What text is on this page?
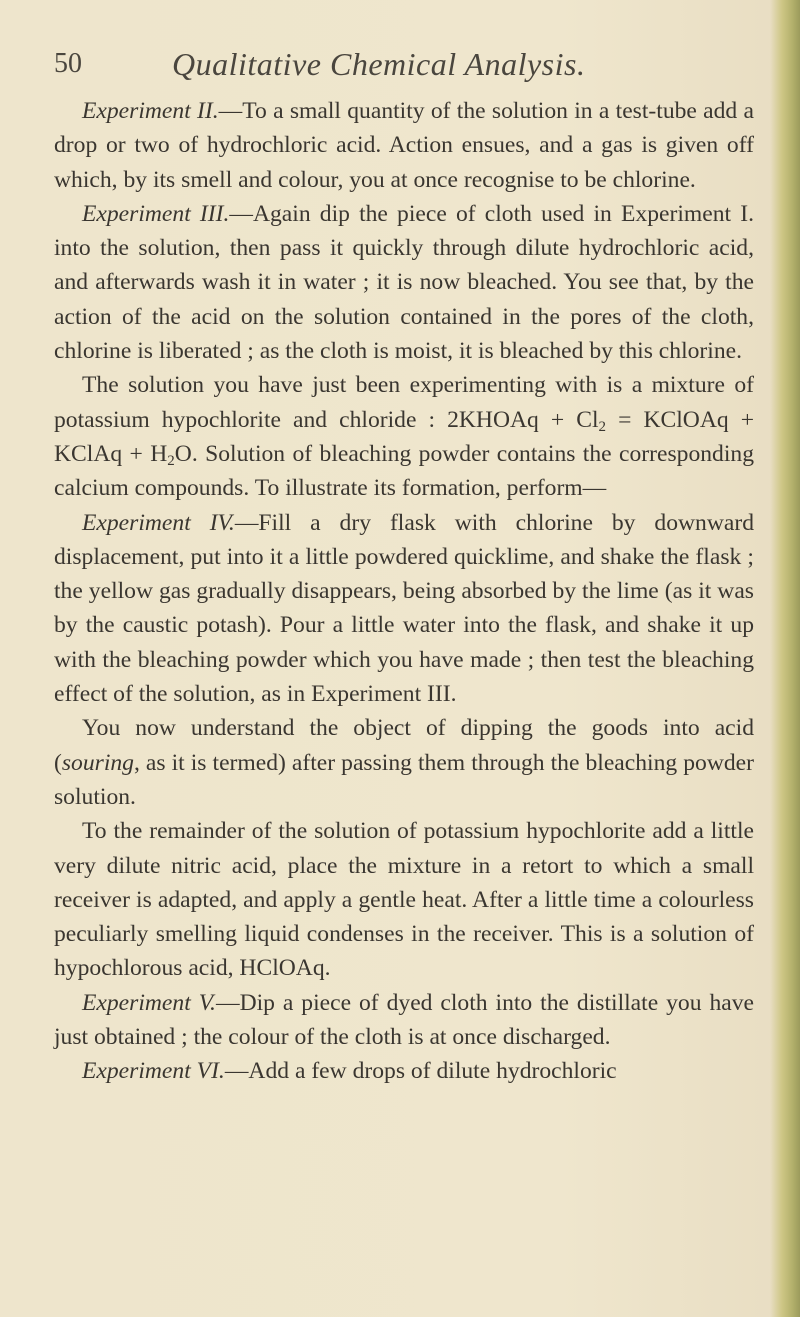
50	Qualitative Chemical Analysis.

Experiment II.—To a small quantity of the solution in a test-tube add a drop or two of hydrochloric acid. Action ensues, and a gas is given off which, by its smell and colour, you at once recognise to be chlorine.

Experiment III.—Again dip the piece of cloth used in Experiment I. into the solution, then pass it quickly through dilute hydrochloric acid, and afterwards wash it in water ; it is now bleached. You see that, by the action of the acid on the solution contained in the pores of the cloth, chlorine is liberated ; as the cloth is moist, it is bleached by this chlorine.

The solution you have just been experimenting with is a mixture of potassium hypochlorite and chloride : 2KHOAq + $Cl_2$ = KClOAq + KClAq + $H_2O$. Solution of bleaching powder contains the corresponding calcium compounds. To illustrate its formation, perform—

Experiment IV.—Fill a dry flask with chlorine by downward displacement, put into it a little powdered quicklime, and shake the flask ; the yellow gas gradually disappears, being absorbed by the lime (as it was by the caustic potash). Pour a little water into the flask, and shake it up with the bleaching powder which you have made ; then test the bleaching effect of the solution, as in Experiment III.

You now understand the object of dipping the goods into acid (souring, as it is termed) after passing them through the bleaching powder solution.

To the remainder of the solution of potassium hypochlorite add a little very dilute nitric acid, place the mixture in a retort to which a small receiver is adapted, and apply a gentle heat. After a little time a colourless peculiarly smelling liquid condenses in the receiver. This is a solution of hypochlorous acid, HClOAq.

Experiment V.—Dip a piece of dyed cloth into the distillate you have just obtained ; the colour of the cloth is at once discharged.

Experiment VI.—Add a few drops of dilute hydrochloric
